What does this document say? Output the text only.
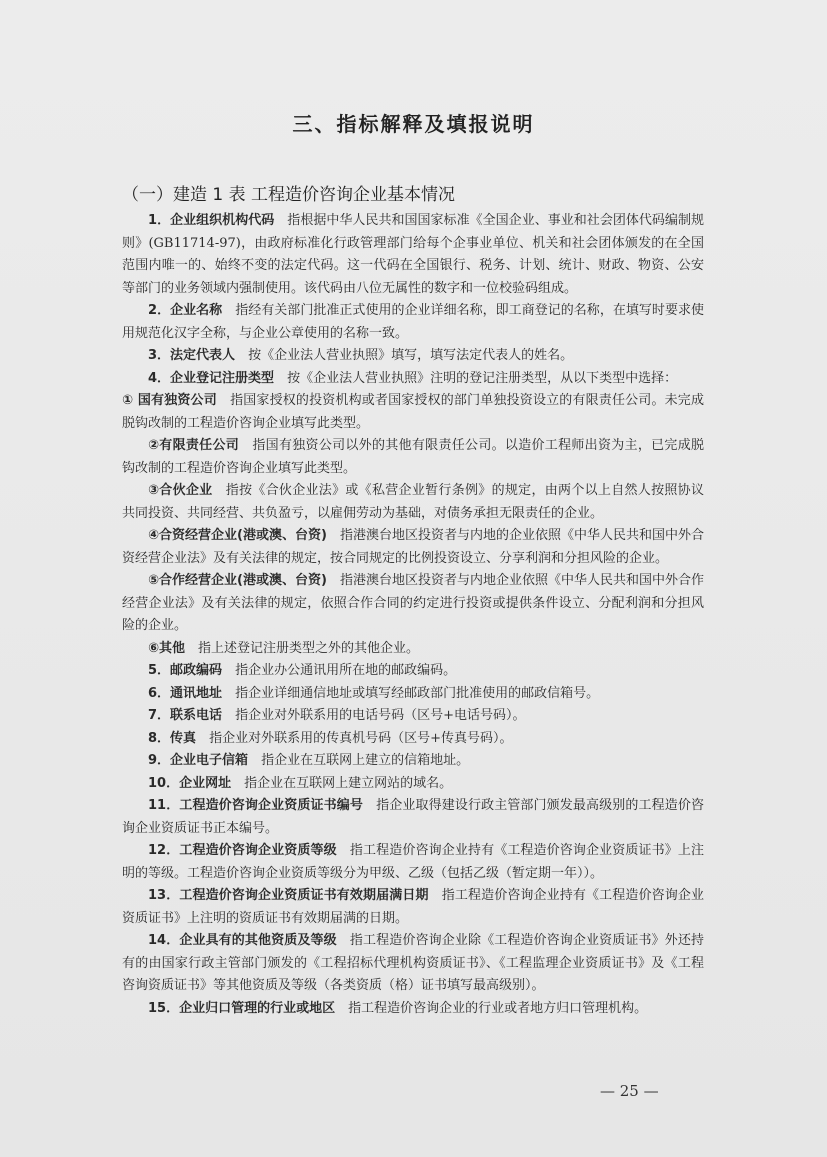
三、指标解释及填报说明
（一）建造 1 表 工程造价咨询企业基本情况

1．企业组织机构代码　 指根据中华人民共和国国家标准《全国企业、事业和社会团体代码编制规则》(GB11714-97)，由政府标准化行政管理部门给每个企事业单位、机关和社会团体颁发的在全国范围内唯一的、始终不变的法定代码。这一代码在全国银行、税务、计划、统计、财政、物资、公安等部门的业务领域内强制使用。该代码由八位无属性的数字和一位校验码组成。

2．企业名称　 指经有关部门批准正式使用的企业详细名称，即工商登记的名称，在填写时要求使用规范化汉字全称，与企业公章使用的名称一致。

3．法定代表人　 按《企业法人营业执照》填写，填写法定代表人的姓名。

4．企业登记注册类型　 按《企业法人营业执照》注明的登记注册类型，从以下类型中选择：

① 国有独资公司　 指国家授权的投资机构或者国家授权的部门单独投资设立的有限责任公司。未完成脱钩改制的工程造价咨询企业填写此类型。

②有限责任公司　 指国有独资公司以外的其他有限责任公司。以造价工程师出资为主，已完成脱钩改制的工程造价咨询企业填写此类型。

③合伙企业　 指按《合伙企业法》或《私营企业暂行条例》的规定，由两个以上自然人按照协议共同投资、共同经营、共负盈亏，以雇佣劳动为基础，对债务承担无限责任的企业。

④合资经营企业(港或澳、台资)　 指港澳台地区投资者与内地的企业依照《中华人民共和国中外合资经营企业法》及有关法律的规定，按合同规定的比例投资设立、分享利润和分担风险的企业。

⑤合作经营企业(港或澳、台资)　 指港澳台地区投资者与内地企业依照《中华人民共和国中外合作经营企业法》及有关法律的规定，依照合作合同的约定进行投资或提供条件设立、分配利润和分担风险的企业。

⑥其他　 指上述登记注册类型之外的其他企业。

5．邮政编码　 指企业办公通讯用所在地的邮政编码。

6．通讯地址　 指企业详细通信地址或填写经邮政部门批准使用的邮政信箱号。

7．联系电话　 指企业对外联系用的电话号码（区号+电话号码）。

8．传真　 指企业对外联系用的传真机号码（区号+传真号码）。

9．企业电子信箱　 指企业在互联网上建立的信箱地址。

10．企业网址　 指企业在互联网上建立网站的域名。

11．工程造价咨询企业资质证书编号　 指企业取得建设行政主管部门颁发最高级别的工程造价咨询企业资质证书正本编号。

12．工程造价咨询企业资质等级　 指工程造价咨询企业持有《工程造价咨询企业资质证书》上注明的等级。工程造价咨询企业资质等级分为甲级、乙级（包括乙级（暂定期一年））。

13．工程造价咨询企业资质证书有效期届满日期　 指工程造价咨询企业持有《工程造价咨询企业资质证书》上注明的资质证书有效期届满的日期。

14．企业具有的其他资质及等级　 指工程造价咨询企业除《工程造价咨询企业资质证书》外还持有的由国家行政主管部门颁发的《工程招标代理机构资质证书》、《工程监理企业资质证书》及《工程咨询资质证书》等其他资质及等级（各类资质（格）证书填写最高级别）。

15．企业归口管理的行业或地区　 指工程造价咨询企业的行业或者地方归口管理机构。

— 25 —
